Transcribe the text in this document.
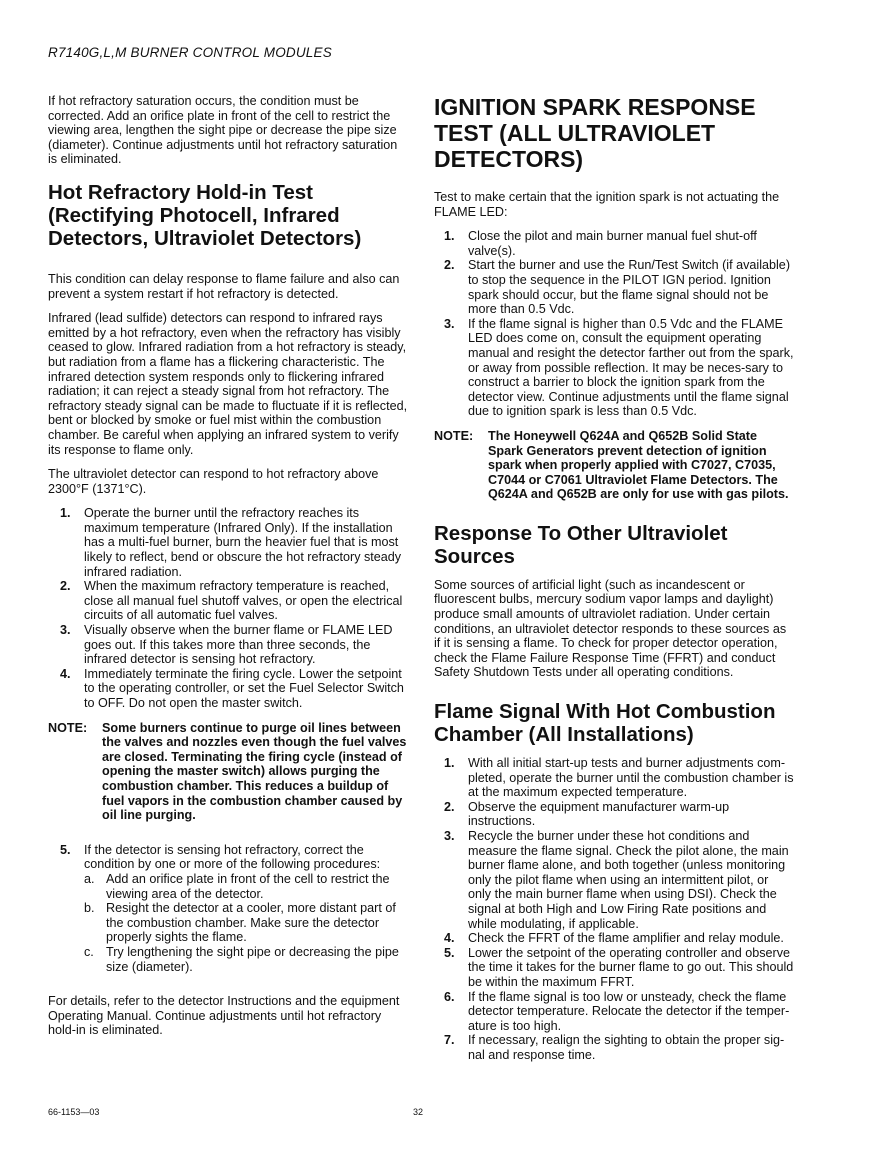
R7140G,L,M BURNER CONTROL MODULES

If hot refractory saturation occurs, the condition must be corrected. Add an orifice plate in front of the cell to restrict the viewing area, lengthen the sight pipe or decrease the pipe size (diameter). Continue adjustments until hot refractory saturation is eliminated.

Hot Refractory Hold-in Test (Rectifying Photocell, Infrared Detectors, Ultraviolet Detectors)

This condition can delay response to flame failure and also can prevent a system restart if hot refractory is detected.

Infrared (lead sulfide) detectors can respond to infrared rays emitted by a hot refractory, even when the refractory has visibly ceased to glow. Infrared radiation from a hot refractory is steady, but radiation from a flame has a flickering characteristic. The infrared detection system responds only to flickering infrared radiation; it can reject a steady signal from hot refractory. The refractory steady signal can be made to fluctuate if it is reflected, bent or blocked by smoke or fuel mist within the combustion chamber. Be careful when applying an infrared system to verify its response to flame only.

The ultraviolet detector can respond to hot refractory above 2300°F (1371°C).

1. Operate the burner until the refractory reaches its maximum temperature (Infrared Only). If the installation has a multi-fuel burner, burn the heavier fuel that is most likely to reflect, bend or obscure the hot refractory steady infrared radiation.
2. When the maximum refractory temperature is reached, close all manual fuel shutoff valves, or open the electrical circuits of all automatic fuel valves.
3. Visually observe when the burner flame or FLAME LED goes out. If this takes more than three seconds, the infrared detector is sensing hot refractory.
4. Immediately terminate the firing cycle. Lower the setpoint to the operating controller, or set the Fuel Selector Switch to OFF. Do not open the master switch.
NOTE:	Some burners continue to purge oil lines between the valves and nozzles even though the fuel valves are closed. Terminating the firing cycle (instead of opening the master switch) allows purging the combustion chamber. This reduces a buildup of fuel vapors in the combustion chamber caused by oil line purging.
5. If the detector is sensing hot refractory, correct the condition by one or more of the following procedures:
a. Add an orifice plate in front of the cell to restrict the viewing area of the detector.
b. Resight the detector at a cooler, more distant part of the combustion chamber. Make sure the detector properly sights the flame.
c. Try lengthening the sight pipe or decreasing the pipe size (diameter).

For details, refer to the detector Instructions and the equipment Operating Manual. Continue adjustments until hot refractory hold-in is eliminated.

IGNITION SPARK RESPONSE TEST (ALL ULTRAVIOLET DETECTORS)

Test to make certain that the ignition spark is not actuating the FLAME LED:

1. Close the pilot and main burner manual fuel shut-off valve(s).
2. Start the burner and use the Run/Test Switch (if available) to stop the sequence in the PILOT IGN period. Ignition spark should occur, but the flame signal should not be more than 0.5 Vdc.
3. If the flame signal is higher than 0.5 Vdc and the FLAME LED does come on, consult the equipment operating manual and resight the detector farther out from the spark, or away from possible reflection. It may be neces-sary to construct a barrier to block the ignition spark from the detector view. Continue adjustments until the flame signal due to ignition spark is less than 0.5 Vdc.
NOTE:	The Honeywell Q624A and Q652B Solid State Spark Generators prevent detection of ignition spark when properly applied with C7027, C7035, C7044 or C7061 Ultraviolet Flame Detectors. The Q624A and Q652B are only for use with gas pilots.
Response To Other Ultraviolet Sources

Some sources of artificial light (such as incandescent or fluorescent bulbs, mercury sodium vapor lamps and daylight) produce small amounts of ultraviolet radiation. Under certain conditions, an ultraviolet detector responds to these sources as if it is sensing a flame. To check for proper detector operation, check the Flame Failure Response Time (FFRT) and conduct Safety Shutdown Tests under all operating conditions.

Flame Signal With Hot Combustion Chamber (All Installations)
1. With all initial start-up tests and burner adjustments com-pleted, operate the burner until the combustion chamber is at the maximum expected temperature.
2. Observe the equipment manufacturer warm-up instructions.
3. Recycle the burner under these hot conditions and measure the flame signal. Check the pilot alone, the main burner flame alone, and both together (unless monitoring only the pilot flame when using an intermittent pilot, or only the main burner flame when using DSI). Check the signal at both High and Low Firing Rate positions and while modulating, if applicable.
4. Check the FFRT of the flame amplifier and relay module.
5. Lower the setpoint of the operating controller and observe the time it takes for the burner flame to go out. This should be within the maximum FFRT.
6. If the flame signal is too low or unsteady, check the flame detector temperature. Relocate the detector if the temper-ature is too high.
7. If necessary, realign the sighting to obtain the proper sig-nal and response time.
66-1153—03	32
